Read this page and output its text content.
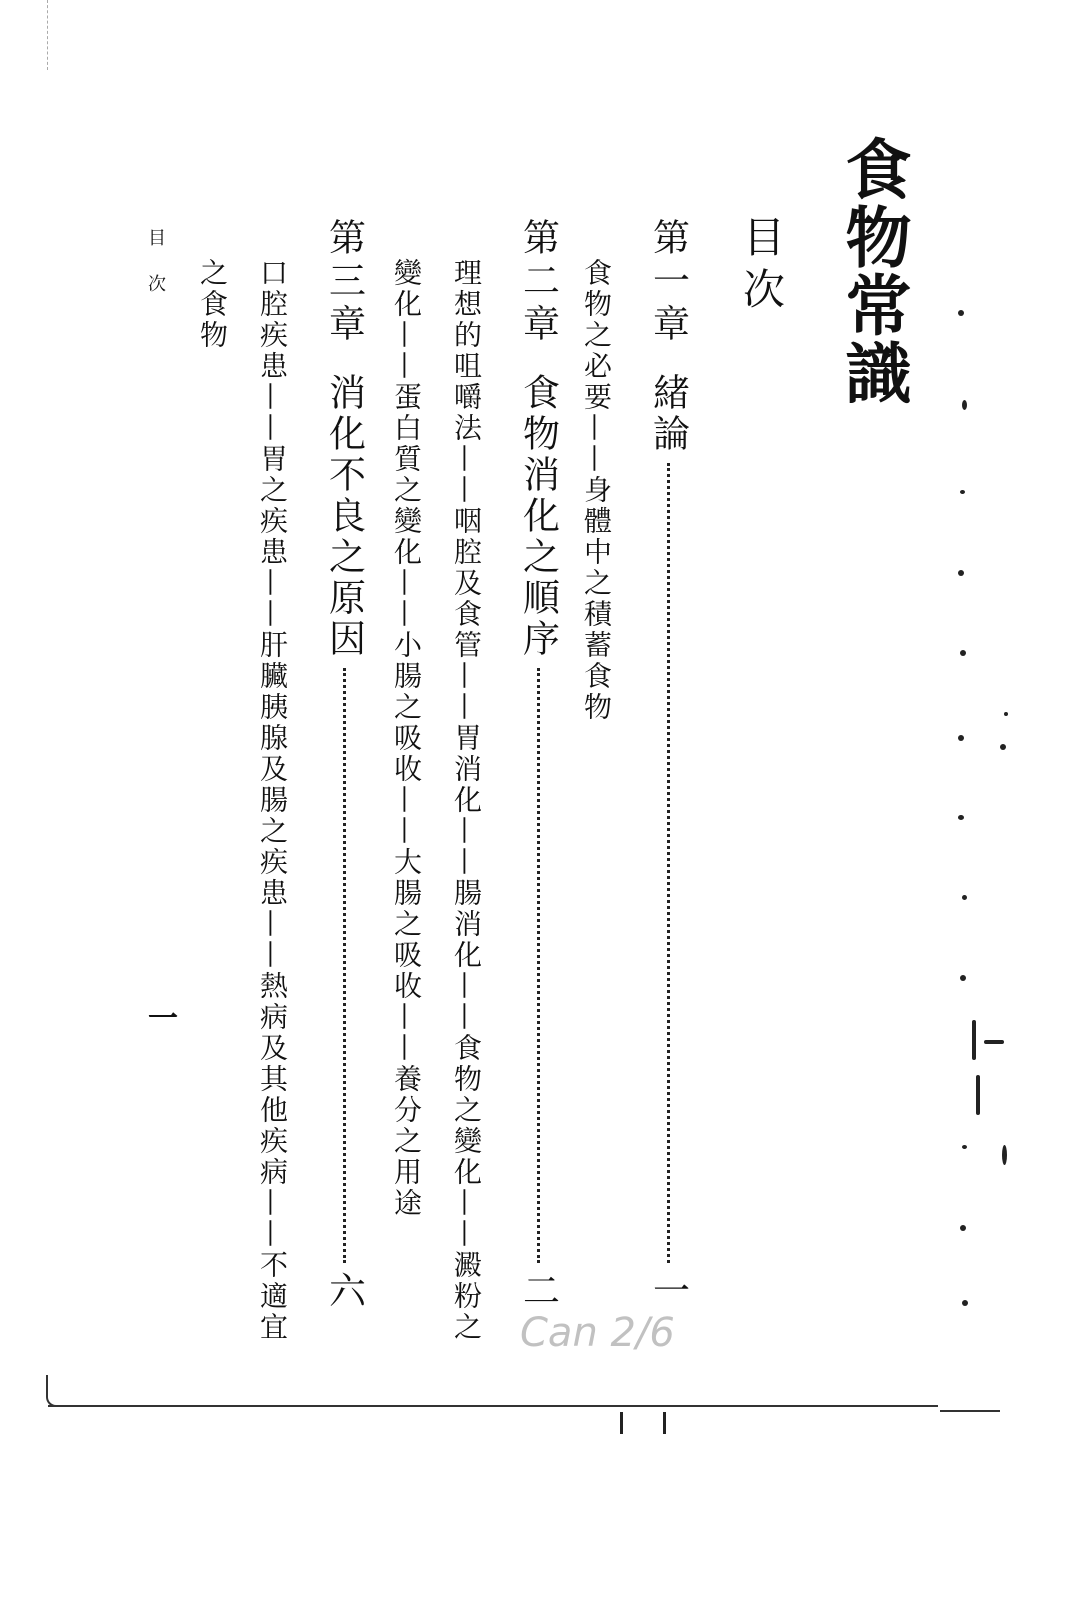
食物常識
目次
第一章
緒論
一
食物之必要——身體中之積蓄食物
第二章
食物消化之順序
二
理想的咀嚼法——咽腔及食管——胃消化——腸消化——食物之變化——澱粉之
變化——蛋白質之變化——小腸之吸收——大腸之吸收——養分之用途
第三章
消化不良之原因
六
口腔疾患——胃之疾患——肝臟胰腺及腸之疾患——熱病及其他疾病——不適宜
之食物
目次
一
Can 2/6
